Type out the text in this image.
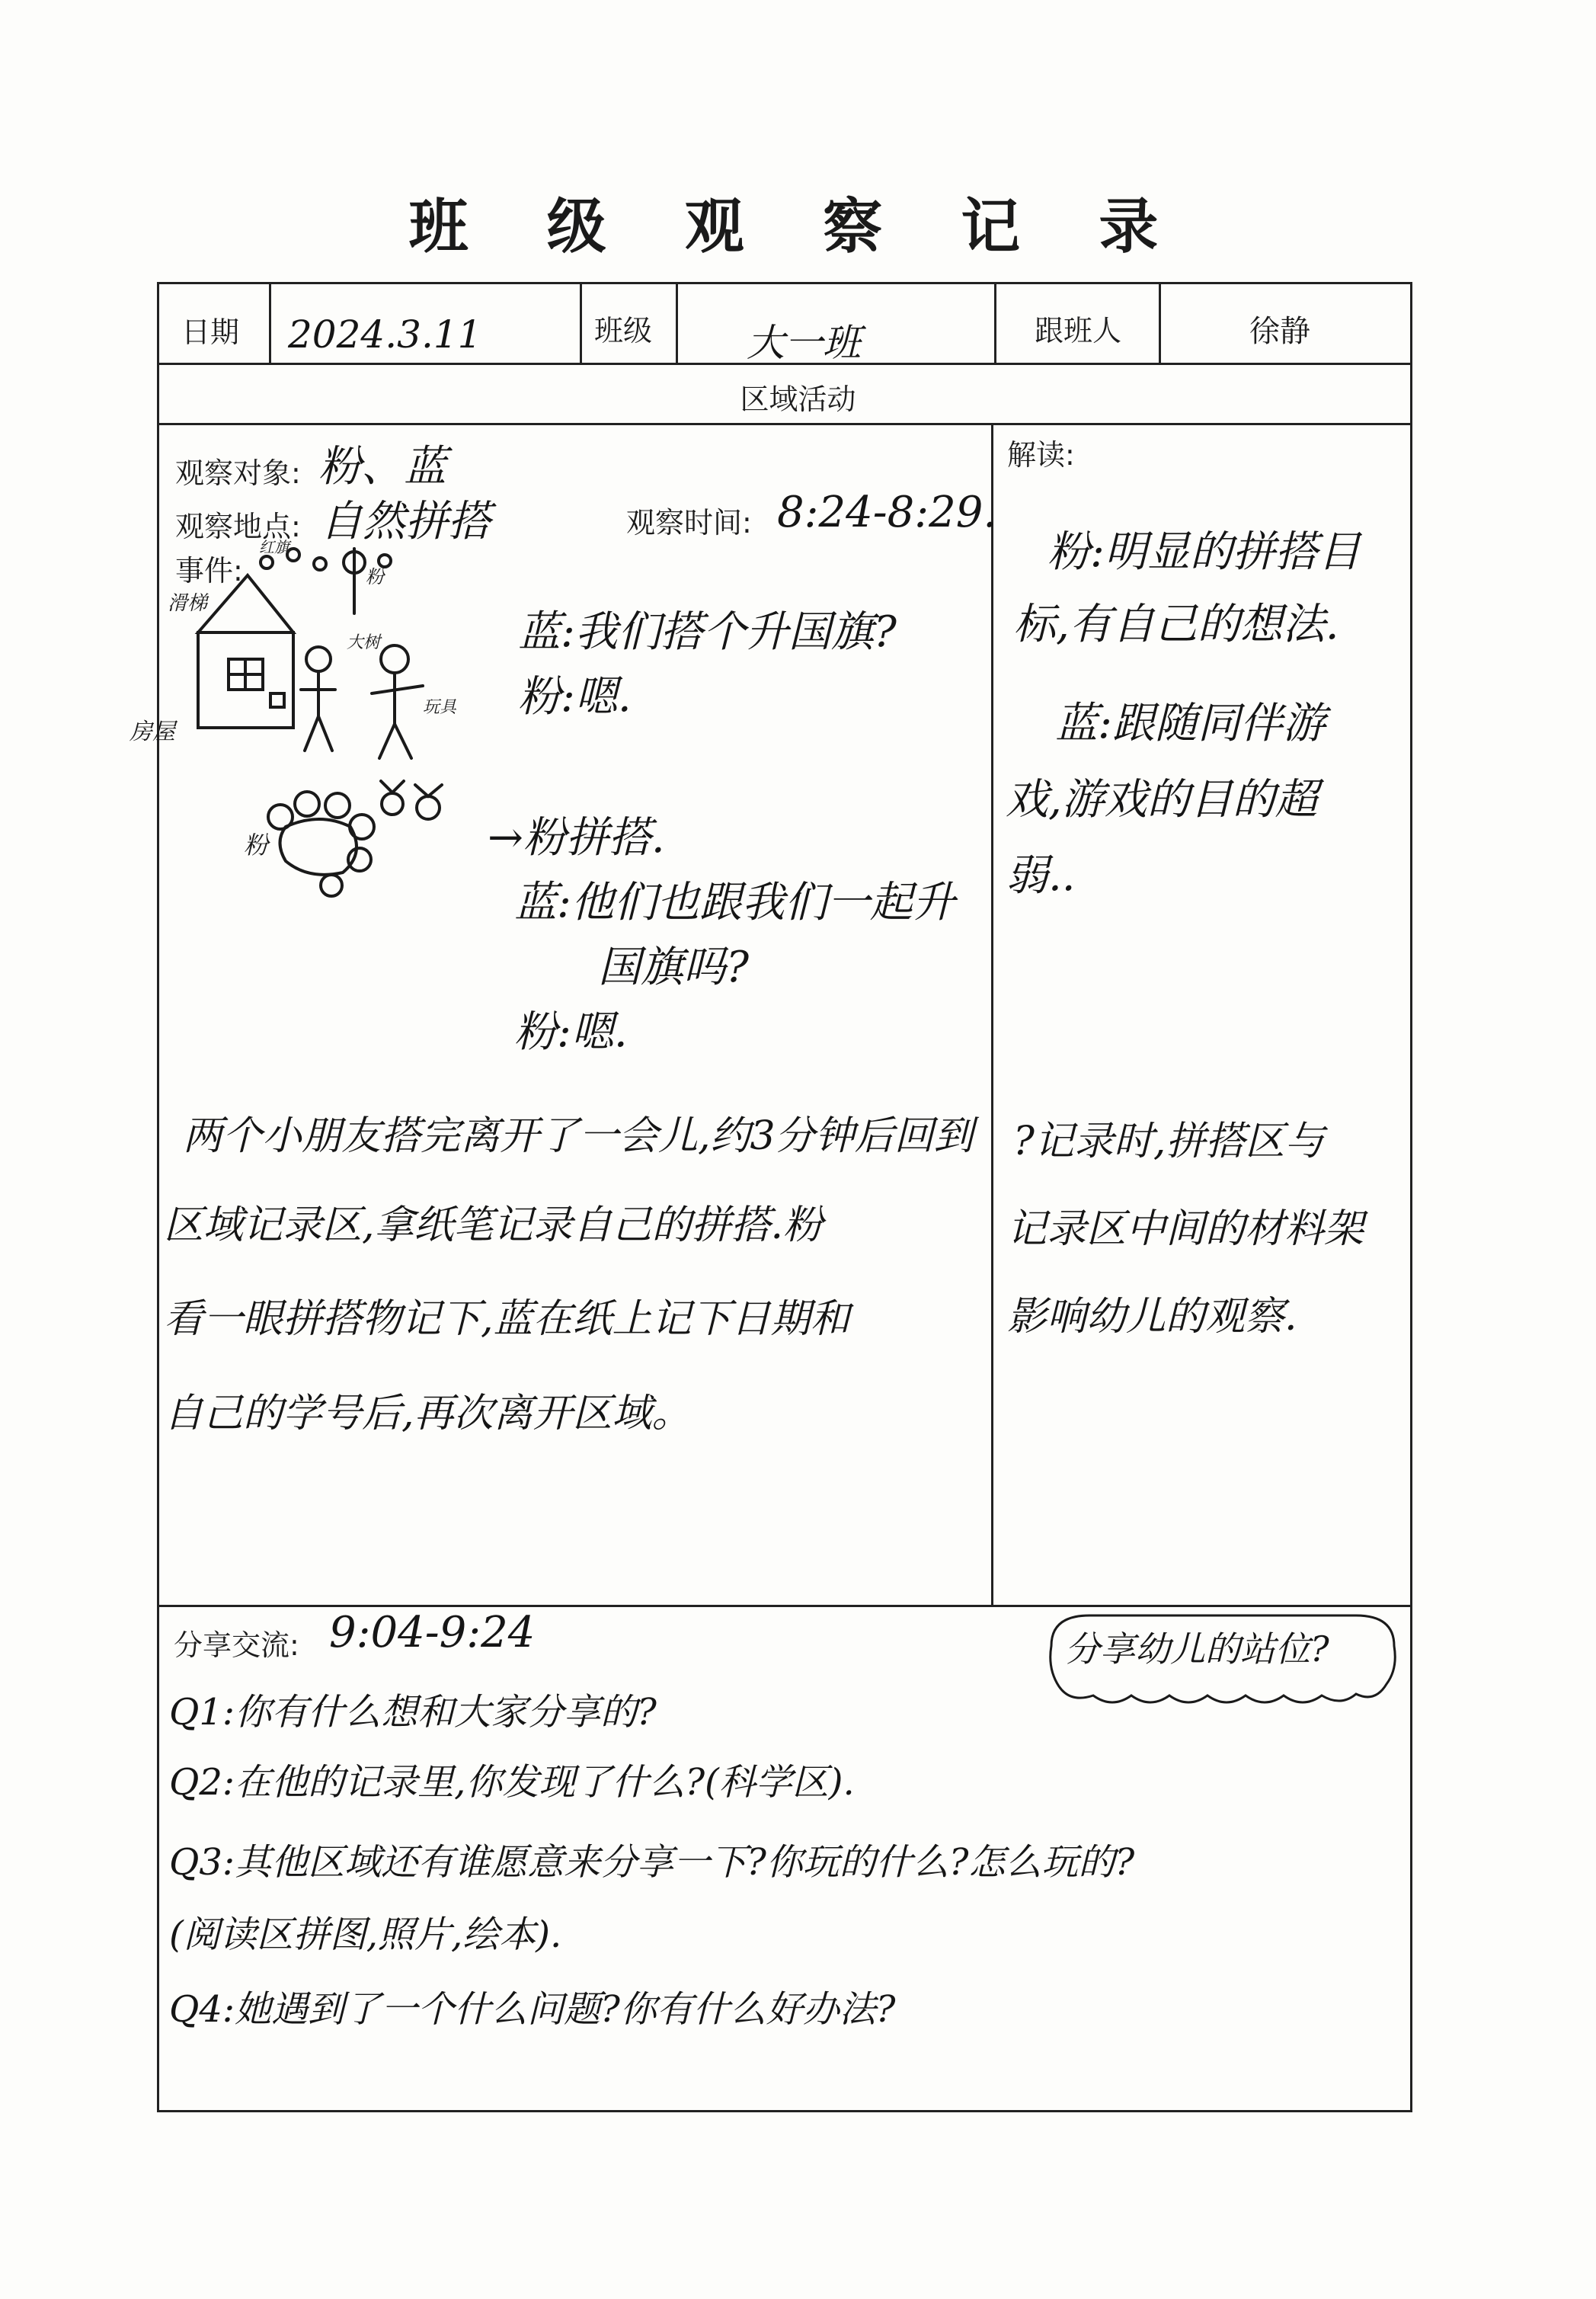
班 级 观 察 记 录
日期 2024.3.11	班级 大一班	跟班人	徐静
区域活动
观察对象: 粉、蓝
观察地点: 自然拼搭	观察时间: 8:24-8:29.
事件:
滑梯
粉
房屋
粉
大树
玩具
红旗
蓝:我们搭个升国旗?
粉:嗯.
→粉拼搭.
蓝:他们也跟我们一起升
国旗吗?
粉:嗯.
两个小朋友搭完离开了一会儿,约3分钟后回到
区域记录区,拿纸笔记录自己的拼搭.粉
看一眼拼搭物记下,蓝在纸上记下日期和
自己的学号后,再次离开区域。
解读:
粉:明显的拼搭目
标,有自己的想法.
蓝:跟随同伴游
戏,游戏的目的超
弱..
?记录时,拼搭区与
记录区中间的材料架
影响幼儿的观察.
分享交流: 9:04-9:24	分享幼儿的站位?
Q1:你有什么想和大家分享的?
Q2:在他的记录里,你发现了什么?(科学区).
Q3:其他区域还有谁愿意来分享一下?你玩的什么?怎么玩的?
(阅读区拼图,照片,绘本).
Q4:她遇到了一个什么问题?你有什么好办法?
